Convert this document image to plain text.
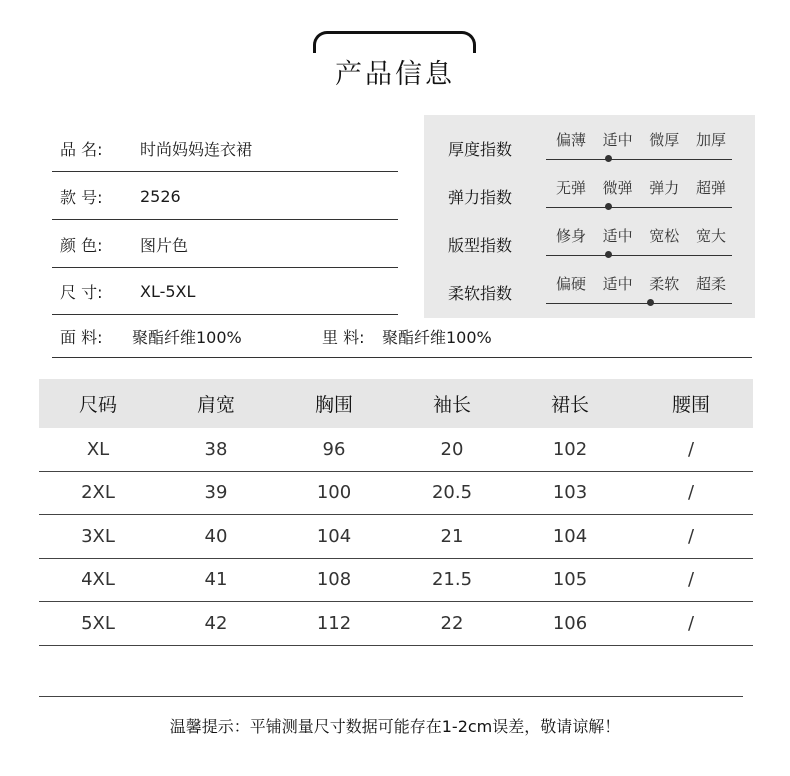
产品信息
品 名:	时尚妈妈连衣裙
款 号:	2526
颜 色:	图片色
尺 寸:	XL-5XL
面 料:	聚酯纤维100%	里 料:	聚酯纤维100%
厚度指数	偏薄	适中	微厚	加厚
弹力指数	无弹	微弹	弹力	超弹
版型指数	修身	适中	宽松	宽大
柔软指数	偏硬	适中	柔软	超柔
尺码	肩宽	胸围	袖长	裙长	腰围
XL	38	96	20	102	/
2XL	39	100	20.5	103	/
3XL	40	104	21	104	/
4XL	41	108	21.5	105	/
5XL	42	112	22	106	/
温馨提示：平铺测量尺寸数据可能存在1-2cm误差，敬请谅解！
